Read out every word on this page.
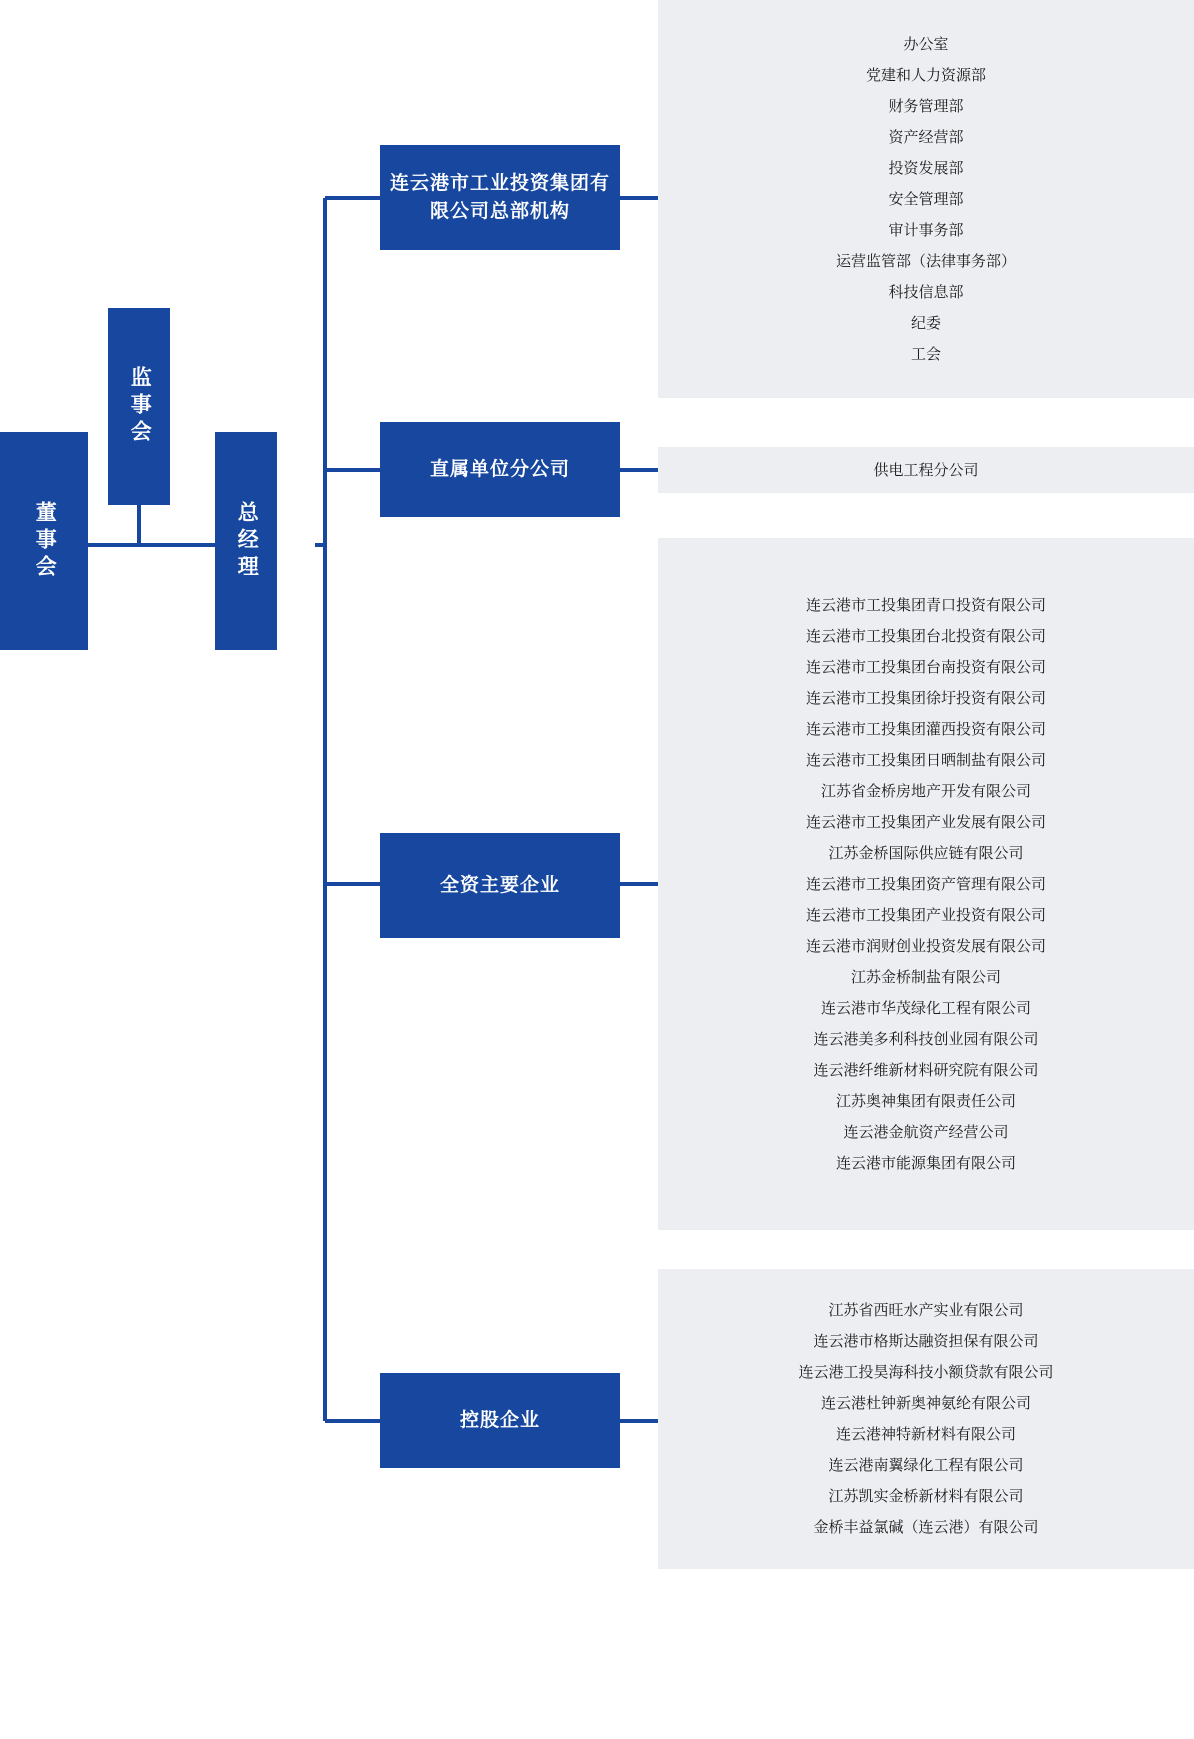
董事会
监事会
总经理
连云港市工业投资集团有限公司总部机构
直属单位分公司
全资主要企业
控股企业
办公室
党建和人力资源部
财务管理部
资产经营部
投资发展部
安全管理部
审计事务部
运营监管部（法律事务部）
科技信息部
纪委
工会
供电工程分公司
连云港市工投集团青口投资有限公司
连云港市工投集团台北投资有限公司
连云港市工投集团台南投资有限公司
连云港市工投集团徐圩投资有限公司
连云港市工投集团灌西投资有限公司
连云港市工投集团日晒制盐有限公司
江苏省金桥房地产开发有限公司
连云港市工投集团产业发展有限公司
江苏金桥国际供应链有限公司
连云港市工投集团资产管理有限公司
连云港市工投集团产业投资有限公司
连云港市润财创业投资发展有限公司
江苏金桥制盐有限公司
连云港市华茂绿化工程有限公司
连云港美多利科技创业园有限公司
连云港纤维新材料研究院有限公司
江苏奥神集团有限责任公司
连云港金航资产经营公司
连云港市能源集团有限公司
江苏省西旺水产实业有限公司
连云港市格斯达融资担保有限公司
连云港工投昊海科技小额贷款有限公司
连云港杜钟新奥神氨纶有限公司
连云港神特新材料有限公司
连云港南翼绿化工程有限公司
江苏凯实金桥新材料有限公司
金桥丰益氯碱（连云港）有限公司
